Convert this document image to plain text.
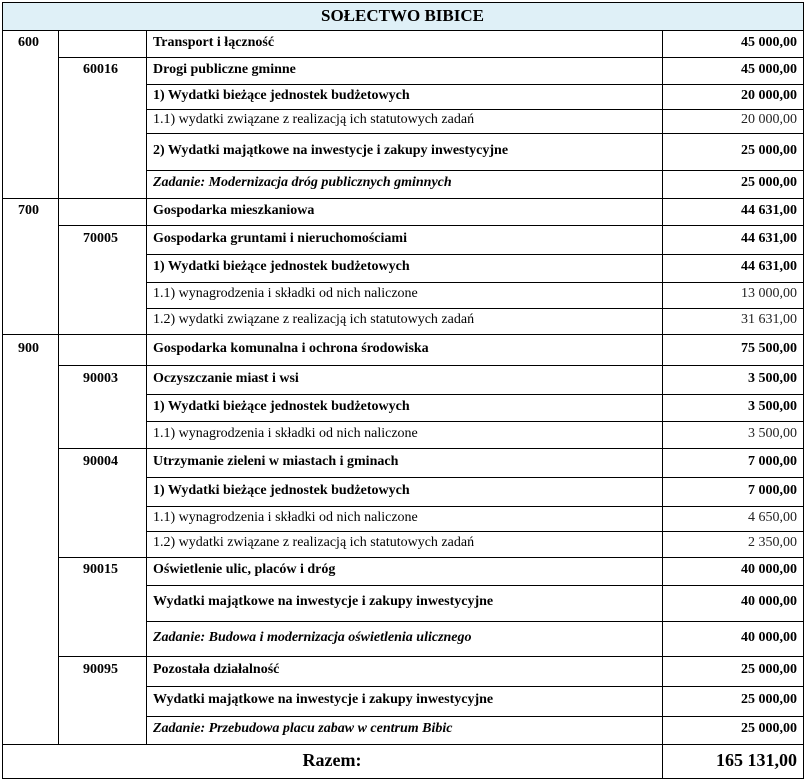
SOŁECTWO BIBICE
600	Transport i łączność	45 000,00
60016	Drogi publiczne gminne	45 000,00
1) Wydatki bieżące jednostek budżetowych	20 000,00
1.1) wydatki związane z realizacją ich statutowych zadań	20 000,00
2) Wydatki majątkowe na inwestycje i zakupy inwestycyjne	25 000,00
Zadanie: Modernizacja dróg publicznych gminnych	25 000,00
700	Gospodarka mieszkaniowa	44 631,00
70005	Gospodarka gruntami i nieruchomościami	44 631,00
1) Wydatki bieżące jednostek budżetowych	44 631,00
1.1) wynagrodzenia i składki od nich naliczone	13 000,00
1.2) wydatki związane z realizacją ich statutowych zadań	31 631,00
900	Gospodarka komunalna i ochrona środowiska	75 500,00
90003	Oczyszczanie miast i wsi	3 500,00
1) Wydatki bieżące jednostek budżetowych	3 500,00
1.1) wynagrodzenia i składki od nich naliczone	3 500,00
90004	Utrzymanie zieleni w miastach i gminach	7 000,00
1) Wydatki bieżące jednostek budżetowych	7 000,00
1.1) wynagrodzenia i składki od nich naliczone	4 650,00
1.2) wydatki związane z realizacją ich statutowych zadań	2 350,00
90015	Oświetlenie ulic, placów i dróg	40 000,00
Wydatki majątkowe na inwestycje i zakupy inwestycyjne	40 000,00
Zadanie: Budowa i modernizacja oświetlenia ulicznego	40 000,00
90095	Pozostała działalność	25 000,00
Wydatki majątkowe na inwestycje i zakupy inwestycyjne	25 000,00
Zadanie: Przebudowa placu zabaw w centrum Bibic	25 000,00
Razem:	165 131,00
